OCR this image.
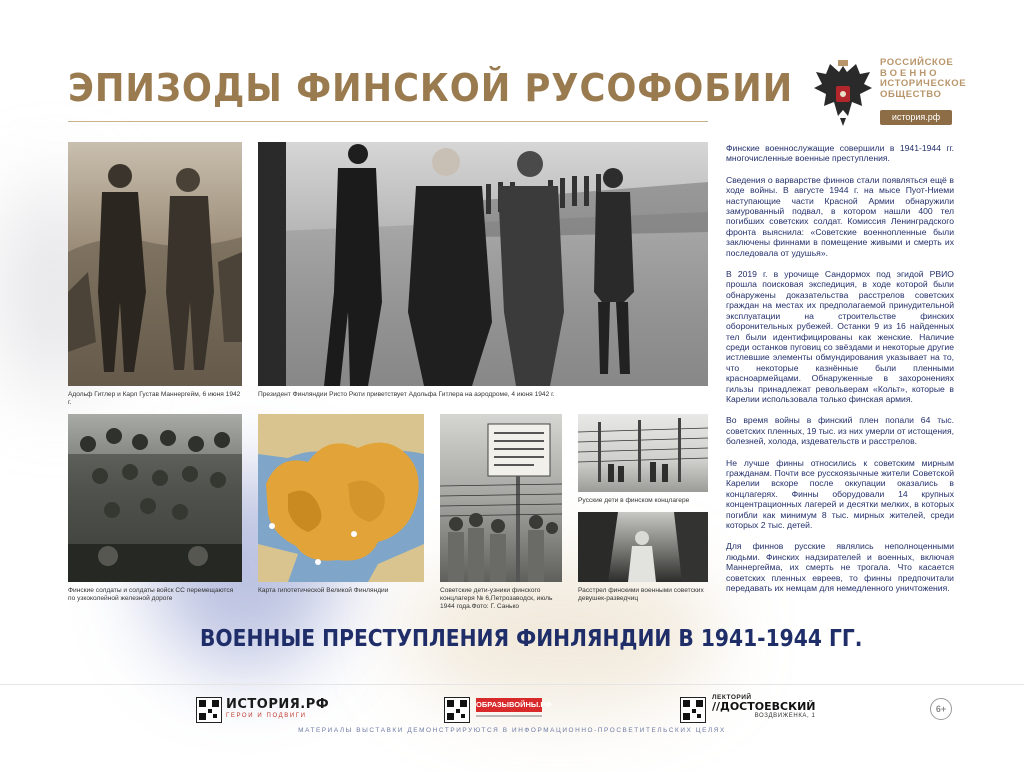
ЭПИЗОДЫ ФИНСКОЙ РУСОФОБИИ
РОССИЙСКОЕ
ВОЕННО
ИСТОРИЧЕСКОЕ
ОБЩЕСТВО
история.рф
Адольф Гитлер и Карл Густав Маннергейм, 6 июня 1942 г.
Президент Финляндии Ристо Рюти приветствует Адольфа Гитлера на аэродроме, 4 июня 1942 г.
Финские солдаты и солдаты войск СС перемещаются по узкоколейной железной дороге
Карта гипотетической Великой Финляндии	Советские дети-узники финского концлагеря № 6,Петрозаводск, июль 1944 года.Фото: Г. Санько
Русские дети в финском концлагере
Расстрел финскими военными советских девушек-разведчиц

Финские военнослужащие совершили в 1941-1944 гг. многочисленные военные преступления.

Сведения о варварстве финнов стали появляться ещё в ходе войны. В августе 1944 г. на мысе Пуот-Ниеми наступающие части Красной Армии обнаружили замурованный подвал, в котором нашли 400 тел погибших советских солдат. Комиссия Ленинградского фронта выяснила: «Советские военнопленные были заключены финнами в помещение живыми и смерть их последовала от удушья».

В 2019 г. в урочище Сандормох под эгидой РВИО прошла поисковая экспедиция, в ходе которой были обнаружены доказательства расстрелов советских граждан на местах их предполагаемой принудительной эксплуатации на строительстве финских оборонительных рубежей. Останки 9 из 16 найденных тел были идентифицированы как женские. Наличие среди останков пуговиц со звёздами и некоторые другие истлевшие элементы обмундирования указывает на то, что некоторые казнённые были пленными красноармейцами. Обнаруженные в захоронениях гильзы принадлежат револьверам «Кольт», которые в Карелии использовала только финская армия.

Во время войны в финский плен попали 64 тыс. советских пленных, 19 тыс. из них умерли от истощения, болезней, холода, издевательств и расстрелов.

Не лучше финны относились к советским мирным гражданам. Почти все русскоязычные жители Советской Карелии вскоре после оккупации оказались в концлагерях. Финны оборудовали 14 крупных концентрационных лагерей и десятки мелких, в которых погибли как минимум 8 тыс. мирных жителей, среди которых 2 тыс. детей.

Для финнов русские являлись неполноценными людьми. Финских надзирателей и военных, включая Маннергейма, их смерть не трогала. Что касается советских пленных евреев, то финны предпочитали передавать их немцам для немедленного уничтожения.

ВОЕННЫЕ ПРЕСТУПЛЕНИЯ ФИНЛЯНДИИ В 1941-1944 ГГ.
ИСТОРИЯ.РФ
ГЕРОИ И ПОДВИГИ
ОБРАЗЫВОЙНЫ.РФ
ЛЕКТОРИЙ
//ДОСТОЕВСКИЙ
ВОЗДВИЖЕНКА, 1
6+
МАТЕРИАЛЫ ВЫСТАВКИ ДЕМОНСТРИРУЮТСЯ В ИНФОРМАЦИОННО-ПРОСВЕТИТЕЛЬСКИХ ЦЕЛЯХ
